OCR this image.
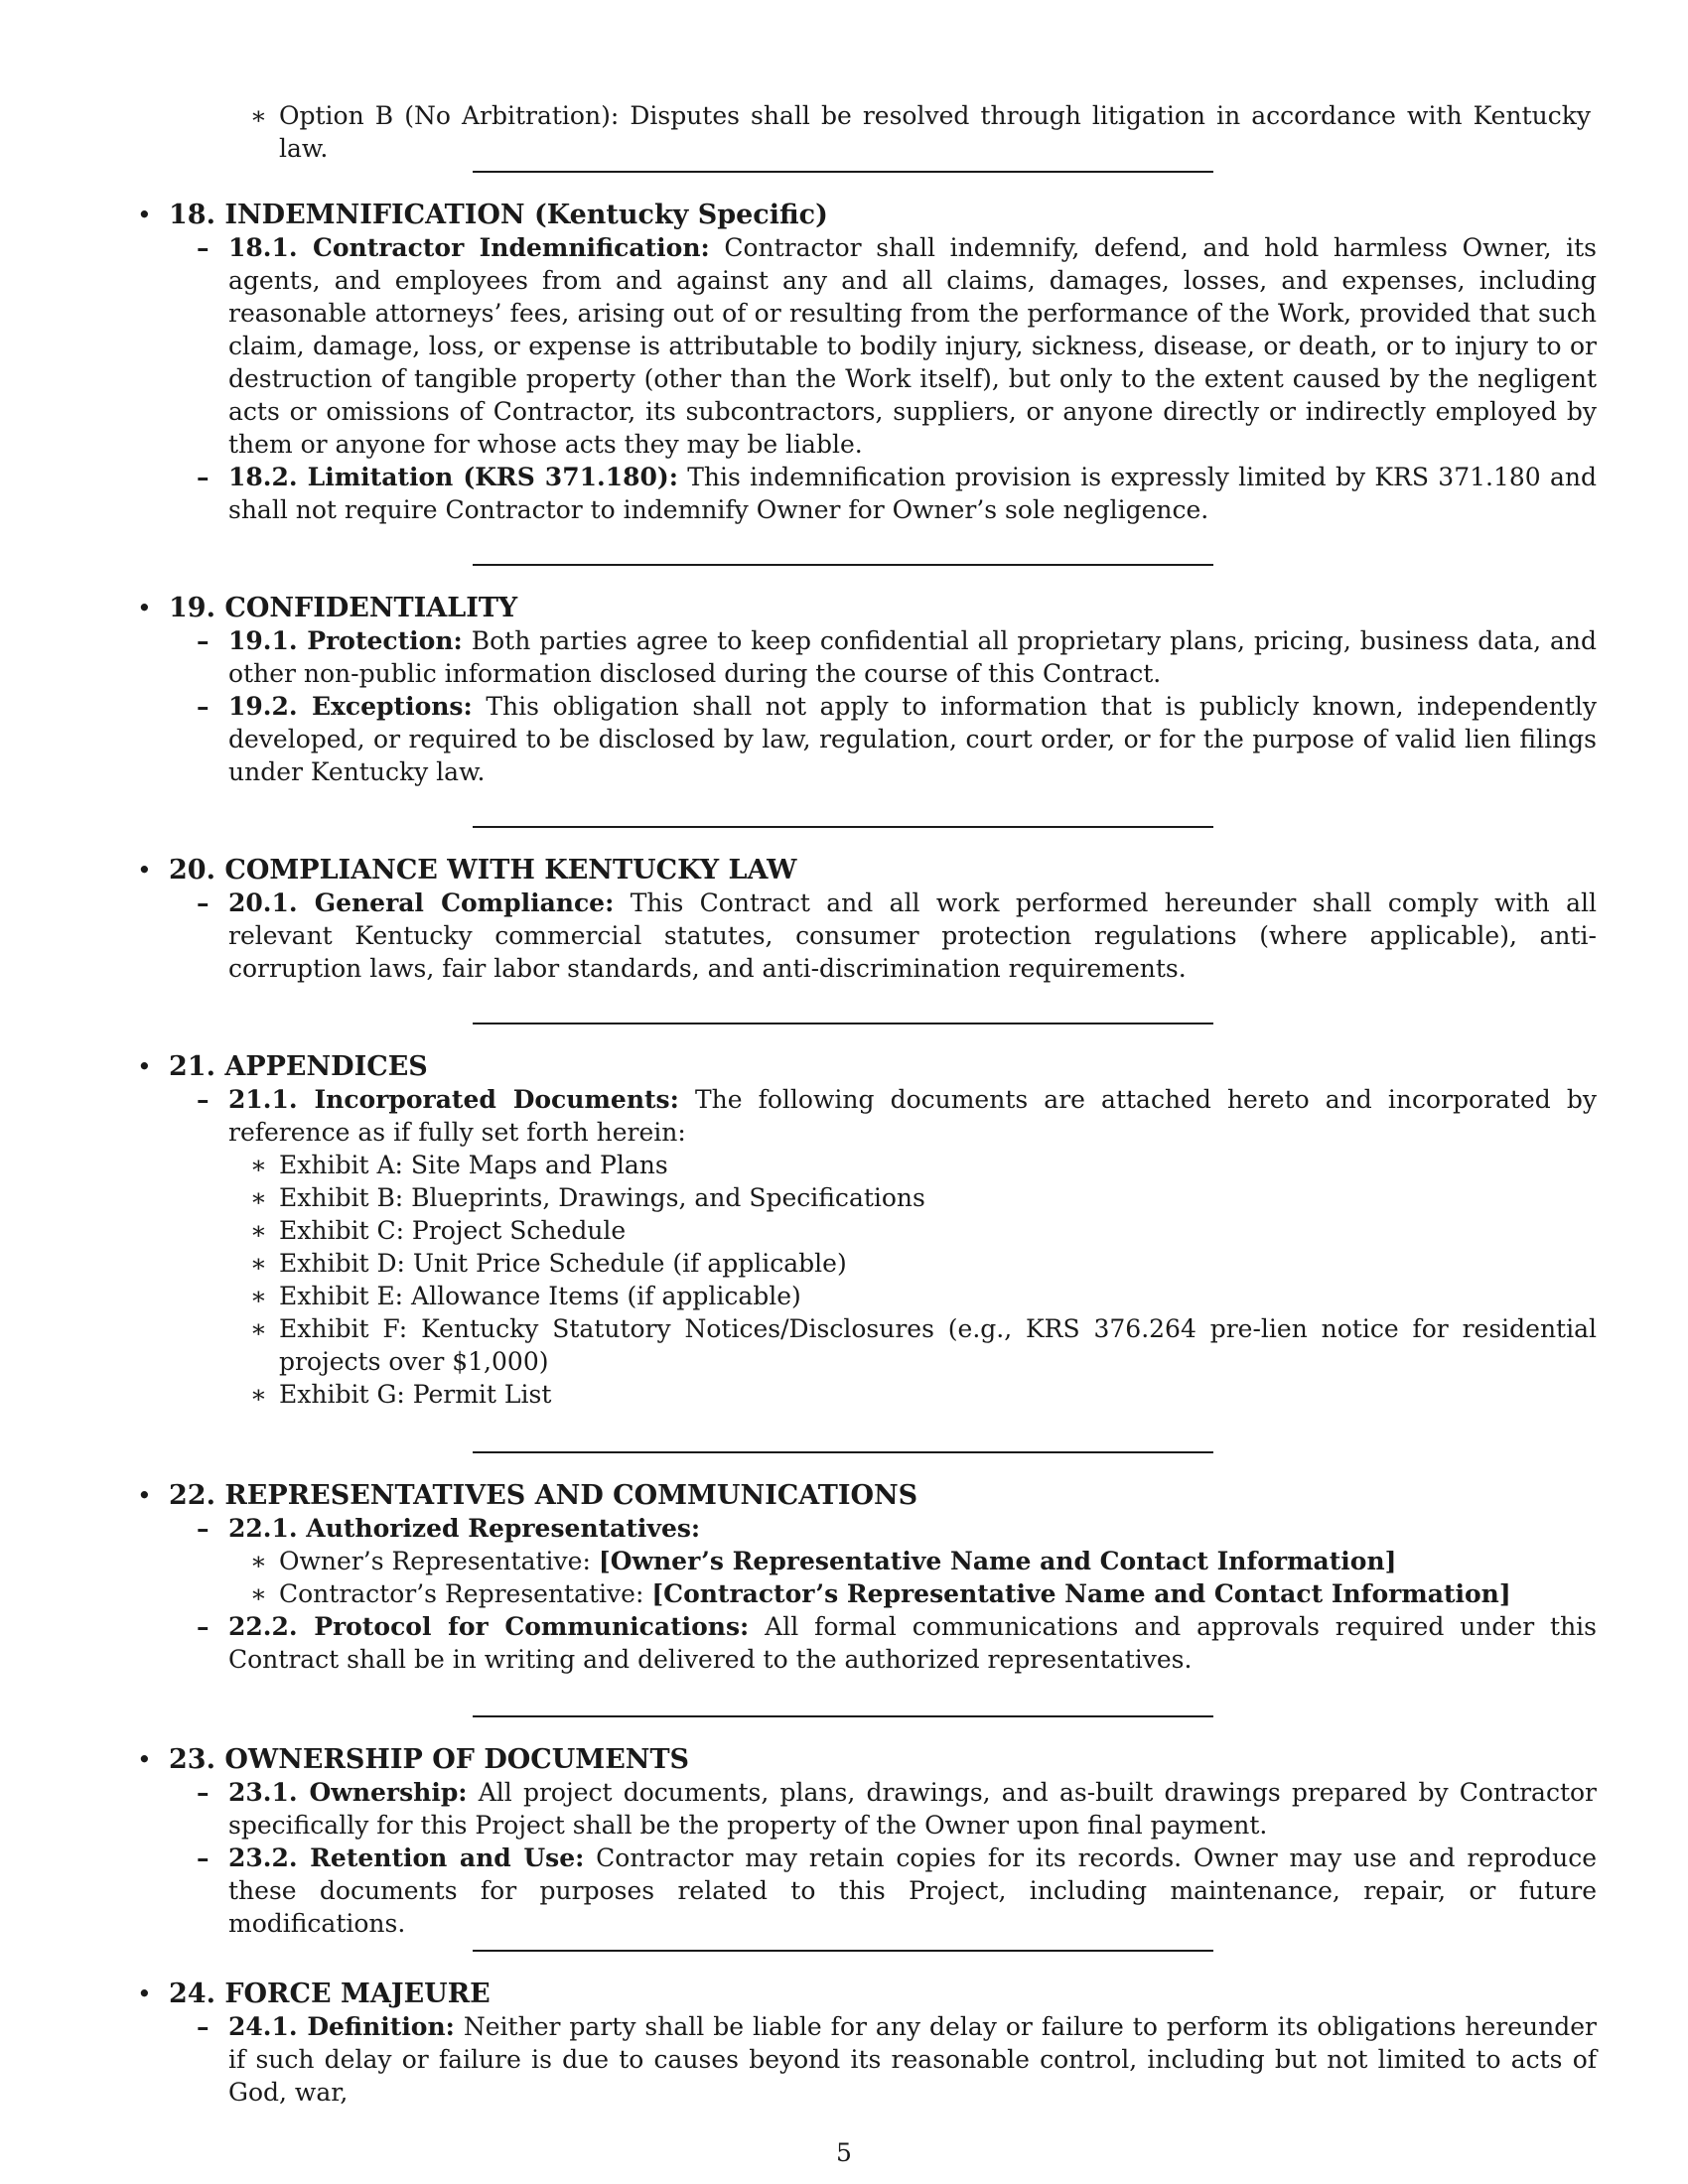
∗ Option B (No Arbitration): Disputes shall be resolved through litigation in accordance with Kentucky law.
• 18. INDEMNIFICATION (Kentucky Specific)
– 18.1. Contractor Indemnification: Contractor shall indemnify, defend, and hold harmless Owner, its agents, and employees from and against any and all claims, damages, losses, and expenses, including reasonable attorneys’ fees, arising out of or resulting from the performance of the Work, provided that such claim, damage, loss, or expense is attributable to bodily injury, sickness, disease, or death, or to injury to or destruction of tangible property (other than the Work itself), but only to the extent caused by the negligent acts or omissions of Contractor, its subcontractors, suppliers, or anyone directly or indirectly employed by them or anyone for whose acts they may be liable.
– 18.2. Limitation (KRS 371.180): This indemnification provision is expressly limited by KRS 371.180 and shall not require Contractor to indemnify Owner for Owner’s sole negligence.
• 19. CONFIDENTIALITY
– 19.1. Protection: Both parties agree to keep confidential all proprietary plans, pricing, business data, and other non-public information disclosed during the course of this Contract.
– 19.2. Exceptions: This obligation shall not apply to information that is publicly known, independently developed, or required to be disclosed by law, regulation, court order, or for the purpose of valid lien filings under Kentucky law.
• 20. COMPLIANCE WITH KENTUCKY LAW
– 20.1. General Compliance: This Contract and all work performed hereunder shall comply with all relevant Kentucky commercial statutes, consumer protection regulations (where applicable), anti-corruption laws, fair labor standards, and anti-discrimination requirements.
• 21. APPENDICES
– 21.1. Incorporated Documents: The following documents are attached hereto and incorporated by reference as if fully set forth herein:
∗ Exhibit A: Site Maps and Plans
∗ Exhibit B: Blueprints, Drawings, and Specifications
∗ Exhibit C: Project Schedule
∗ Exhibit D: Unit Price Schedule (if applicable)
∗ Exhibit E: Allowance Items (if applicable)
∗ Exhibit F: Kentucky Statutory Notices/Disclosures (e.g., KRS 376.264 pre-lien notice for residential projects over $1,000)
∗ Exhibit G: Permit List
• 22. REPRESENTATIVES AND COMMUNICATIONS
– 22.1. Authorized Representatives:
∗ Owner’s Representative: [Owner’s Representative Name and Contact Information]
∗ Contractor’s Representative: [Contractor’s Representative Name and Contact Information]
– 22.2. Protocol for Communications: All formal communications and approvals required under this Contract shall be in writing and delivered to the authorized representatives.
• 23. OWNERSHIP OF DOCUMENTS
– 23.1. Ownership: All project documents, plans, drawings, and as-built drawings prepared by Contractor specifically for this Project shall be the property of the Owner upon final payment.
– 23.2. Retention and Use: Contractor may retain copies for its records. Owner may use and reproduce these documents for purposes related to this Project, including maintenance, repair, or future modifications.
• 24. FORCE MAJEURE
– 24.1. Definition: Neither party shall be liable for any delay or failure to perform its obligations hereunder if such delay or failure is due to causes beyond its reasonable control, including but not limited to acts of God, war,
5
